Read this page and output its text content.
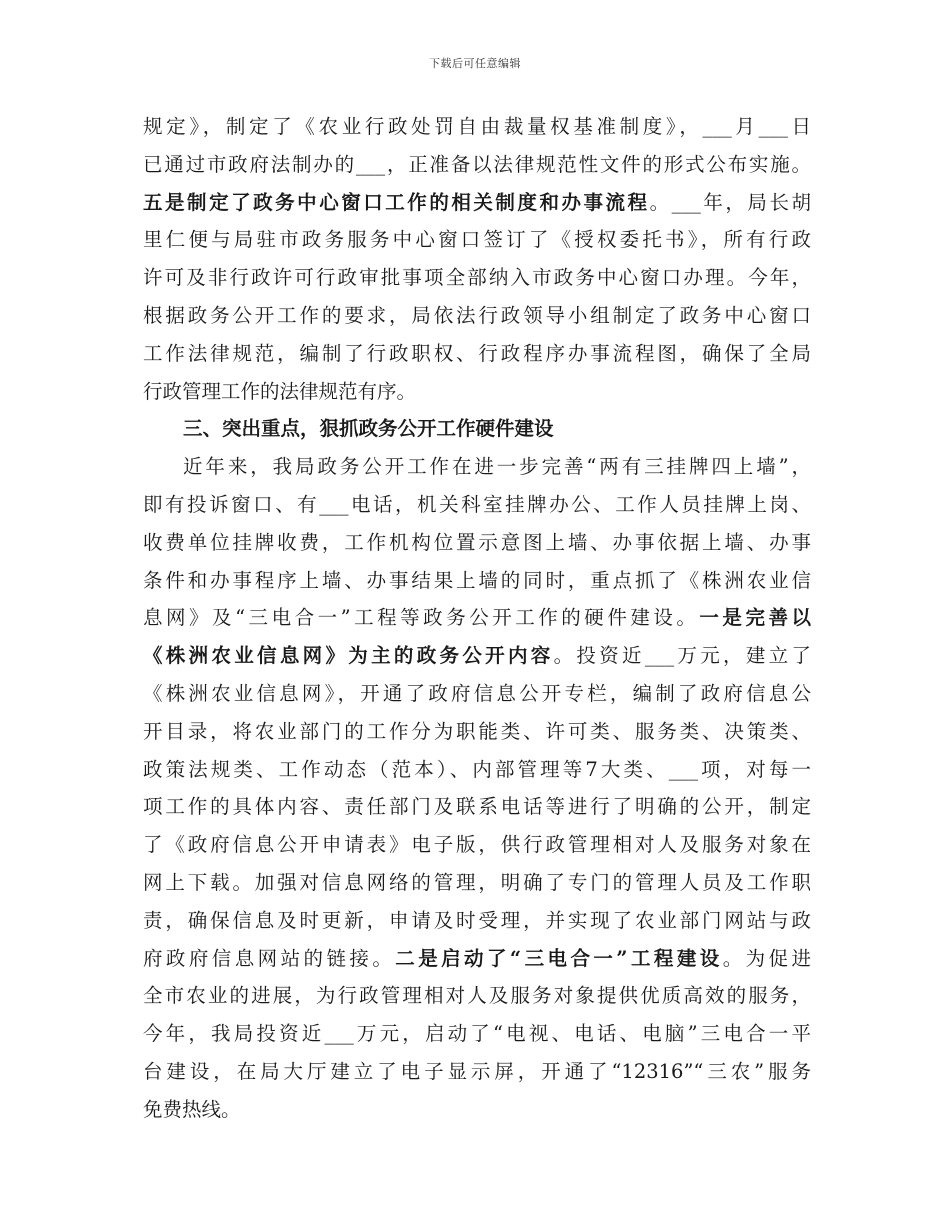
下载后可任意编辑
规定》，制定了《农业行政处罚自由裁量权基准制度》，___月___日
已通过市政府法制办的___，正准备以法律规范性文件的形式公布实施。
五是制定了政务中心窗口工作的相关制度和办事流程。___年，局长胡
里仁便与局驻市政务服务中心窗口签订了《授权委托书》，所有行政
许可及非行政许可行政审批事项全部纳入市政务中心窗口办理。今年，
根据政务公开工作的要求，局依法行政领导小组制定了政务中心窗口
工作法律规范，编制了行政职权、行政程序办事流程图，确保了全局
行政管理工作的法律规范有序。
三、突出重点，狠抓政务公开工作硬件建设
近年来，我局政务公开工作在进一步完善“两有三挂牌四上墙”，
即有投诉窗口、有___电话，机关科室挂牌办公、工作人员挂牌上岗、
收费单位挂牌收费，工作机构位置示意图上墙、办事依据上墙、办事
条件和办事程序上墙、办事结果上墙的同时，重点抓了《株洲农业信
息网》及“三电合一”工程等政务公开工作的硬件建设。一是完善以
《株洲农业信息网》为主的政务公开内容。投资近___万元，建立了
《株洲农业信息网》，开通了政府信息公开专栏，编制了政府信息公
开目录，将农业部门的工作分为职能类、许可类、服务类、决策类、
政策法规类、工作动态（范本）、内部管理等7大类、___项，对每一
项工作的具体内容、责任部门及联系电话等进行了明确的公开，制定
了《政府信息公开申请表》电子版，供行政管理相对人及服务对象在
网上下载。加强对信息网络的管理，明确了专门的管理人员及工作职
责，确保信息及时更新，申请及时受理，并实现了农业部门网站与政
府政府信息网站的链接。二是启动了“三电合一”工程建设。为促进
全市农业的进展，为行政管理相对人及服务对象提供优质高效的服务，
今年，我局投资近___万元，启动了“电视、电话、电脑”三电合一平
台建设，在局大厅建立了电子显示屏，开通了“12316”“三农”服务
免费热线。
